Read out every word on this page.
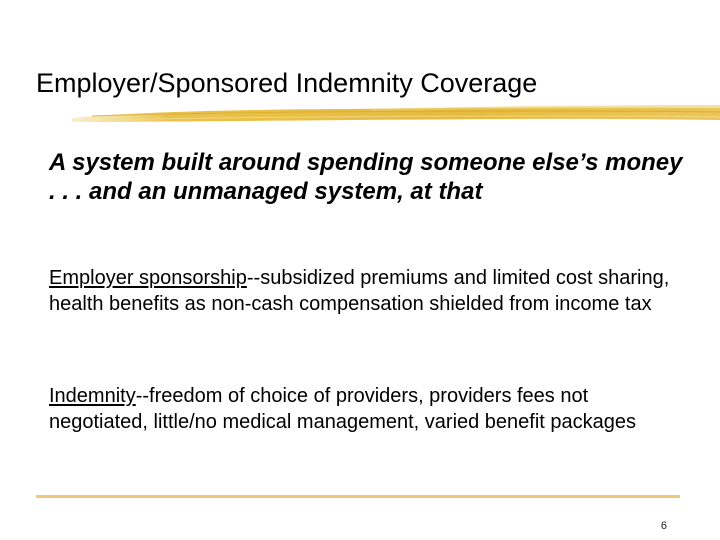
Employer/Sponsored Indemnity Coverage
A system built around spending someone else’s money . . . and an unmanaged system, at that
Employer sponsorship--subsidized premiums and limited cost sharing, health benefits as non-cash compensation shielded from income tax
Indemnity--freedom of choice of providers, providers fees not negotiated, little/no medical management, varied benefit packages
6
